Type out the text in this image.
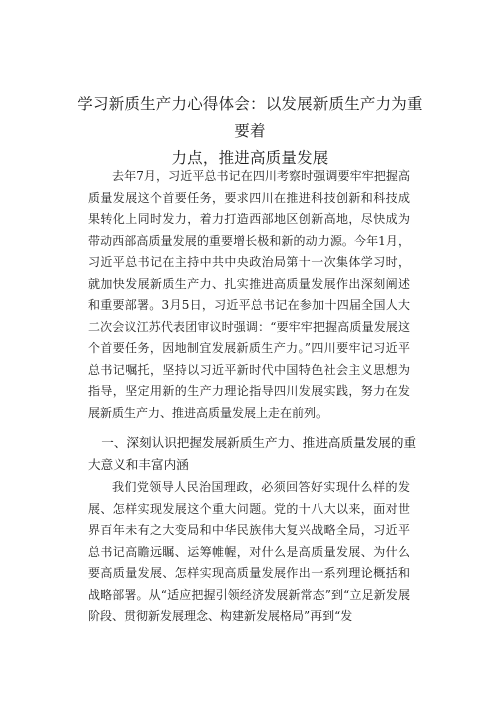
学习新质生产力心得体会：以发展新质生产力为重要着
力点，推进高质量发展

去年7月，习近平总书记在四川考察时强调要牢牢把握高质量发展这个首要任务，要求四川在推进科技创新和科技成果转化上同时发力，着力打造西部地区创新高地，尽快成为带动西部高质量发展的重要增长极和新的动力源。今年1月，习近平总书记在主持中共中央政治局第十一次集体学习时，就加快发展新质生产力、扎实推进高质量发展作出深刻阐述和重要部署。3月5日，习近平总书记在参加十四届全国人大二次会议江苏代表团审议时强调：“要牢牢把握高质量发展这个首要任务，因地制宜发展新质生产力。”四川要牢记习近平总书记嘱托，坚持以习近平新时代中国特色社会主义思想为指导，坚定用新的生产力理论指导四川发展实践，努力在发展新质生产力、推进高质量发展上走在前列。

一、深刻认识把握发展新质生产力、推进高质量发展的重大意义和丰富内涵

我们党领导人民治国理政，必须回答好实现什么样的发展、怎样实现发展这个重大问题。党的十八大以来，面对世界百年未有之大变局和中华民族伟大复兴战略全局，习近平总书记高瞻远瞩、运筹帷幄，对什么是高质量发展、为什么要高质量发展、怎样实现高质量发展作出一系列理论概括和战略部署。从“适应把握引领经济发展新常态”到“立足新发展阶段、贯彻新发展理念、构建新发展格局”再到“发
